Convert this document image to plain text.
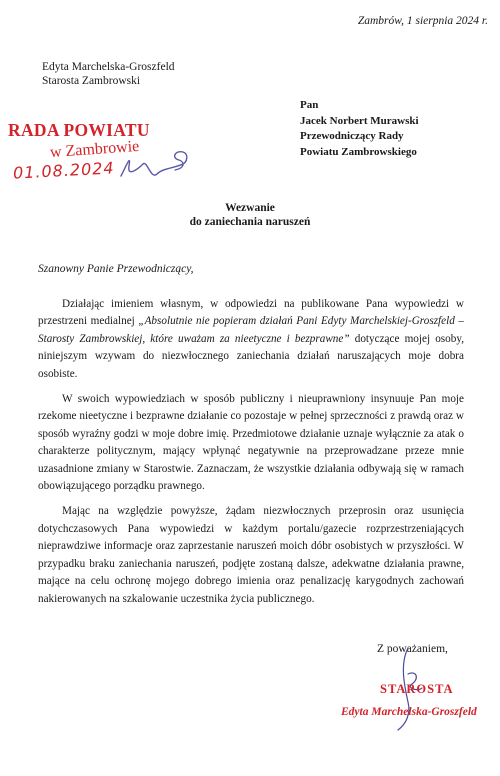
Zambrów, 1 sierpnia 2024 r.
Edyta Marchelska-Groszfeld
Starosta Zambrowski
RADA POWIATU
w Zambrowie
01.08.2024
Pan
Jacek Norbert Murawski
Przewodniczący Rady
Powiatu Zambrowskiego
Wezwanie
do zaniechania naruszeń
Szanowny Panie Przewodniczący,

Działając imieniem własnym, w odpowiedzi na publikowane Pana wypowiedzi w przestrzeni medialnej „Absolutnie nie popieram działań Pani Edyty Marchelskiej-Groszfeld – Starosty Zambrowskiej, które uważam za nieetyczne i bezprawne” dotyczące mojej osoby, niniejszym wzywam do niezwłocznego zaniechania działań naruszających moje dobra osobiste.

W swoich wypowiedziach w sposób publiczny i nieuprawniony insynuuje Pan moje rzekome nieetyczne i bezprawne działanie co pozostaje w pełnej sprzeczności z prawdą oraz w sposób wyraźny godzi w moje dobre imię. Przedmiotowe działanie uznaje wyłącznie za atak o charakterze politycznym, mający wpłynąć negatywnie na przeprowadzane przeze mnie uzasadnione zmiany w Starostwie. Zaznaczam, że wszystkie działania odbywają się w ramach obowiązującego porządku prawnego.

Mając na względzie powyższe, żądam niezwłocznych przeprosin oraz usunięcia dotychczasowych Pana wypowiedzi w każdym portalu/gazecie rozprzestrzeniających nieprawdziwe informacje oraz zaprzestanie naruszeń moich dóbr osobistych w przyszłości. W przypadku braku zaniechania naruszeń, podjęte zostaną dalsze, adekwatne działania prawne, mające na celu ochronę mojego dobrego imienia oraz penalizację karygodnych zachowań nakierowanych na szkalowanie uczestnika życia publicznego.

Z poważaniem,
STAROSTA
Edyta Marchelska-Groszfeld
